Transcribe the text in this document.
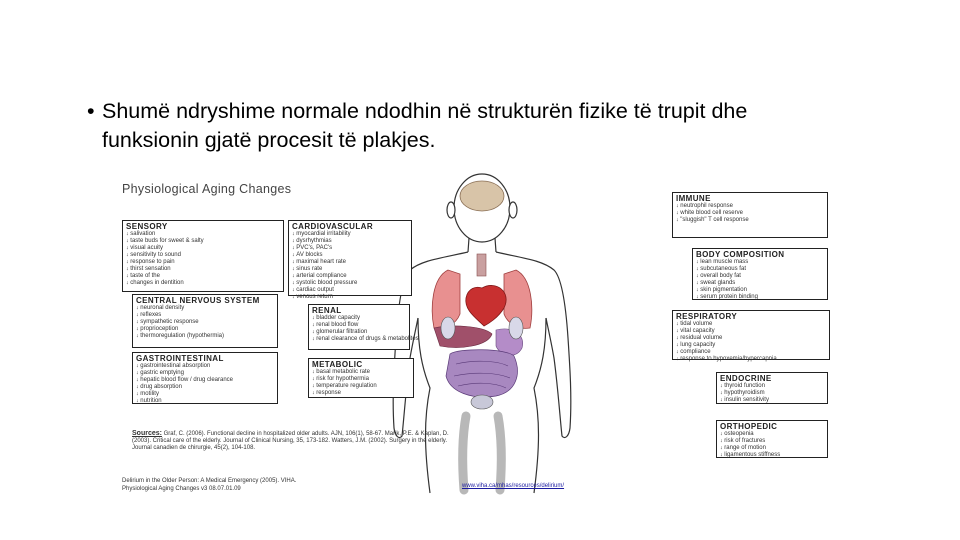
• Shumë ndryshime normale ndodhin në strukturën fizike të trupit dhe
funksionin gjatë procesit të plakjes.
Physiological Aging Changes
SENSORY
↓ salivation
↓ taste buds for sweet & salty
↓ visual acuity
↓ sensitivity to sound
↓ response to pain
↓ thirst sensation
↓ taste of the
↓ changes in dentition
CARDIOVASCULAR
↓ myocardial irritability
↓ dysrhythmias
↓ PVC's, PAC's
↓ AV blocks
↓ maximal heart rate
↓ sinus rate
↓ arterial compliance
↓ systolic blood pressure
↓ cardiac output
↓ venous return
CENTRAL NERVOUS SYSTEM
↓ neuronal density
↓ reflexes
↓ sympathetic response
↓ proprioception
↓ thermoregulation (hypothermia)
RENAL
↓ bladder capacity
↓ renal blood flow
↓ glomerular filtration
↓ renal clearance of drugs & metabolites
GASTROINTESTINAL
↓ gastrointestinal absorption
↓ gastric emptying
↓ hepatic blood flow / drug clearance
↓ drug absorption
↓ motility
↓ nutrition
METABOLIC
↓ basal metabolic rate
↓ risk for hypothermia
↓ temperature regulation
↓ response
IMMUNE
↓ neutrophil response
↓ white blood cell reserve
↓ "sluggish" T cell response
BODY COMPOSITION
↓ lean muscle mass
↓ subcutaneous fat
↓ overall body fat
↓ sweat glands
↓ skin pigmentation
↓ serum protein binding
RESPIRATORY
↓ tidal volume
↓ vital capacity
↓ residual volume
↓ lung capacity
↓ compliance
↓ response to hypoxemia/hypercapnia
ENDOCRINE
↓ thyroid function
↓ hypothyroidism
↓ insulin sensitivity
ORTHOPEDIC
↓ osteopenia
↓ risk of fractures
↓ range of motion
↓ ligamentous stiffness
Sources: Graf, C. (2006). Functional decline in hospitalized older adults. AJN, 106(1), 58-67. Marik, P.E. & Kaplan, D. (2003). Critical care of the elderly. Journal of Clinical Nursing, 35, 173-182. Watters, J.M. (2002). Surgery in the elderly. Journal canadien de chirurgie, 45(2), 104-108.
Delirium in the Older Person: A Medical Emergency (2005). VIHA.
Physiological Aging Changes v3 08.07.01.09	www.viha.ca/mhas/resources/delirium/
